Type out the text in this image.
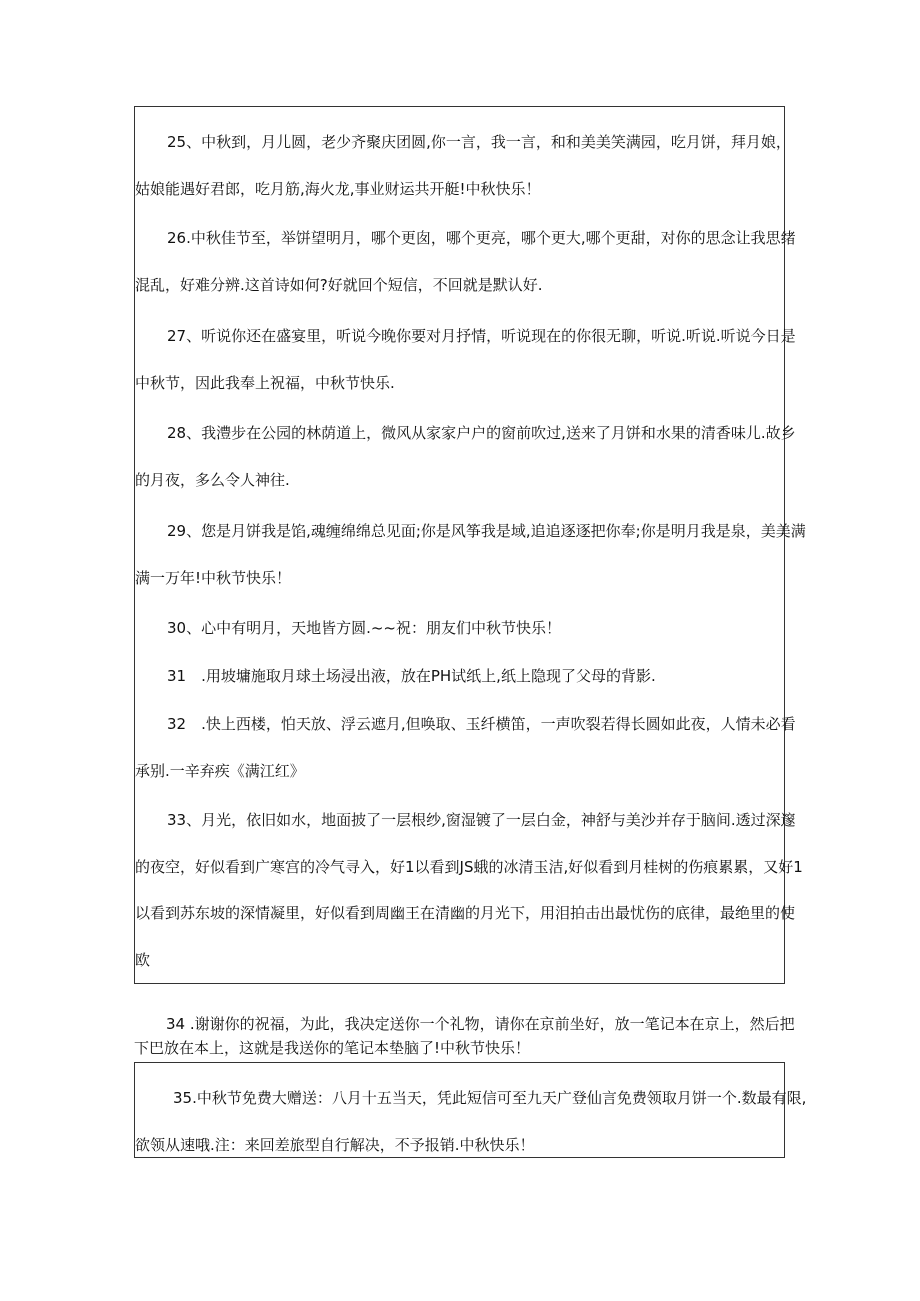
25、中秋到，月儿圆，老少齐聚庆团圆,你一言，我一言，和和美美笑满园，吃月饼，拜月娘，
姑娘能遇好君郎，吃月筋,海火龙,事业财运共开艇!中秋快乐！

26.中秋佳节至，举饼望明月，哪个更囱，哪个更亮，哪个更大,哪个更甜，对你的思念让我思绪
混乱，好难分辨.这首诗如何?好就回个短信，不回就是默认好.

27、听说你还在盛宴里，听说今晚你要对月抒情，听说现在的你很无聊，听说.听说.听说今日是
中秋节，因此我奉上祝福，中秋节快乐.

28、我澧步在公园的林荫道上，微风从家家户户的窗前吹过,送来了月饼和水果的清香味儿.故乡
的月夜，多么令人神往.

29、您是月饼我是馅,魂缠绵绵总见面;你是风筝我是域,追追逐逐把你奉;你是明月我是泉，美美满
满一万年!中秋节快乐！

30、心中有明月，天地皆方圆.~~祝：朋友们中秋节快乐！

31　.用坡墉施取月球土场浸出液，放在PH试纸上,纸上隐现了父母的背影.

32　.快上西楼，怕天放、浮云遮月,但唤取、玉纤横笛，一声吹裂若得长圆如此夜，人情未必看
承别.一辛弃疾《满江红》

33、月光，依旧如水，地面披了一层根纱,窗湿镀了一层白金，神舒与美沙并存于脑间.透过深邃
的夜空，好似看到广寒宫的冷气寻入，好1以看到JS蛾的冰清玉洁,好似看到月桂树的伤痕累累，又好1
以看到苏东坡的深情凝里，好似看到周幽王在清幽的月光下，用泪拍击出最忧伤的底律，最绝里的使
欧

34 .谢谢你的祝福，为此，我决定送你一个礼物，请你在京前坐好，放一笔记本在京上，然后把
下巴放在本上，这就是我送你的笔记本垫脑了!中秋节快乐！

35.中秋节免费大赠送：八月十五当天，凭此短信可至九天广登仙言免费领取月饼一个.数最有限,
欲领从速哦.注：来回差旅型自行解决，不予报销.中秋快乐！
